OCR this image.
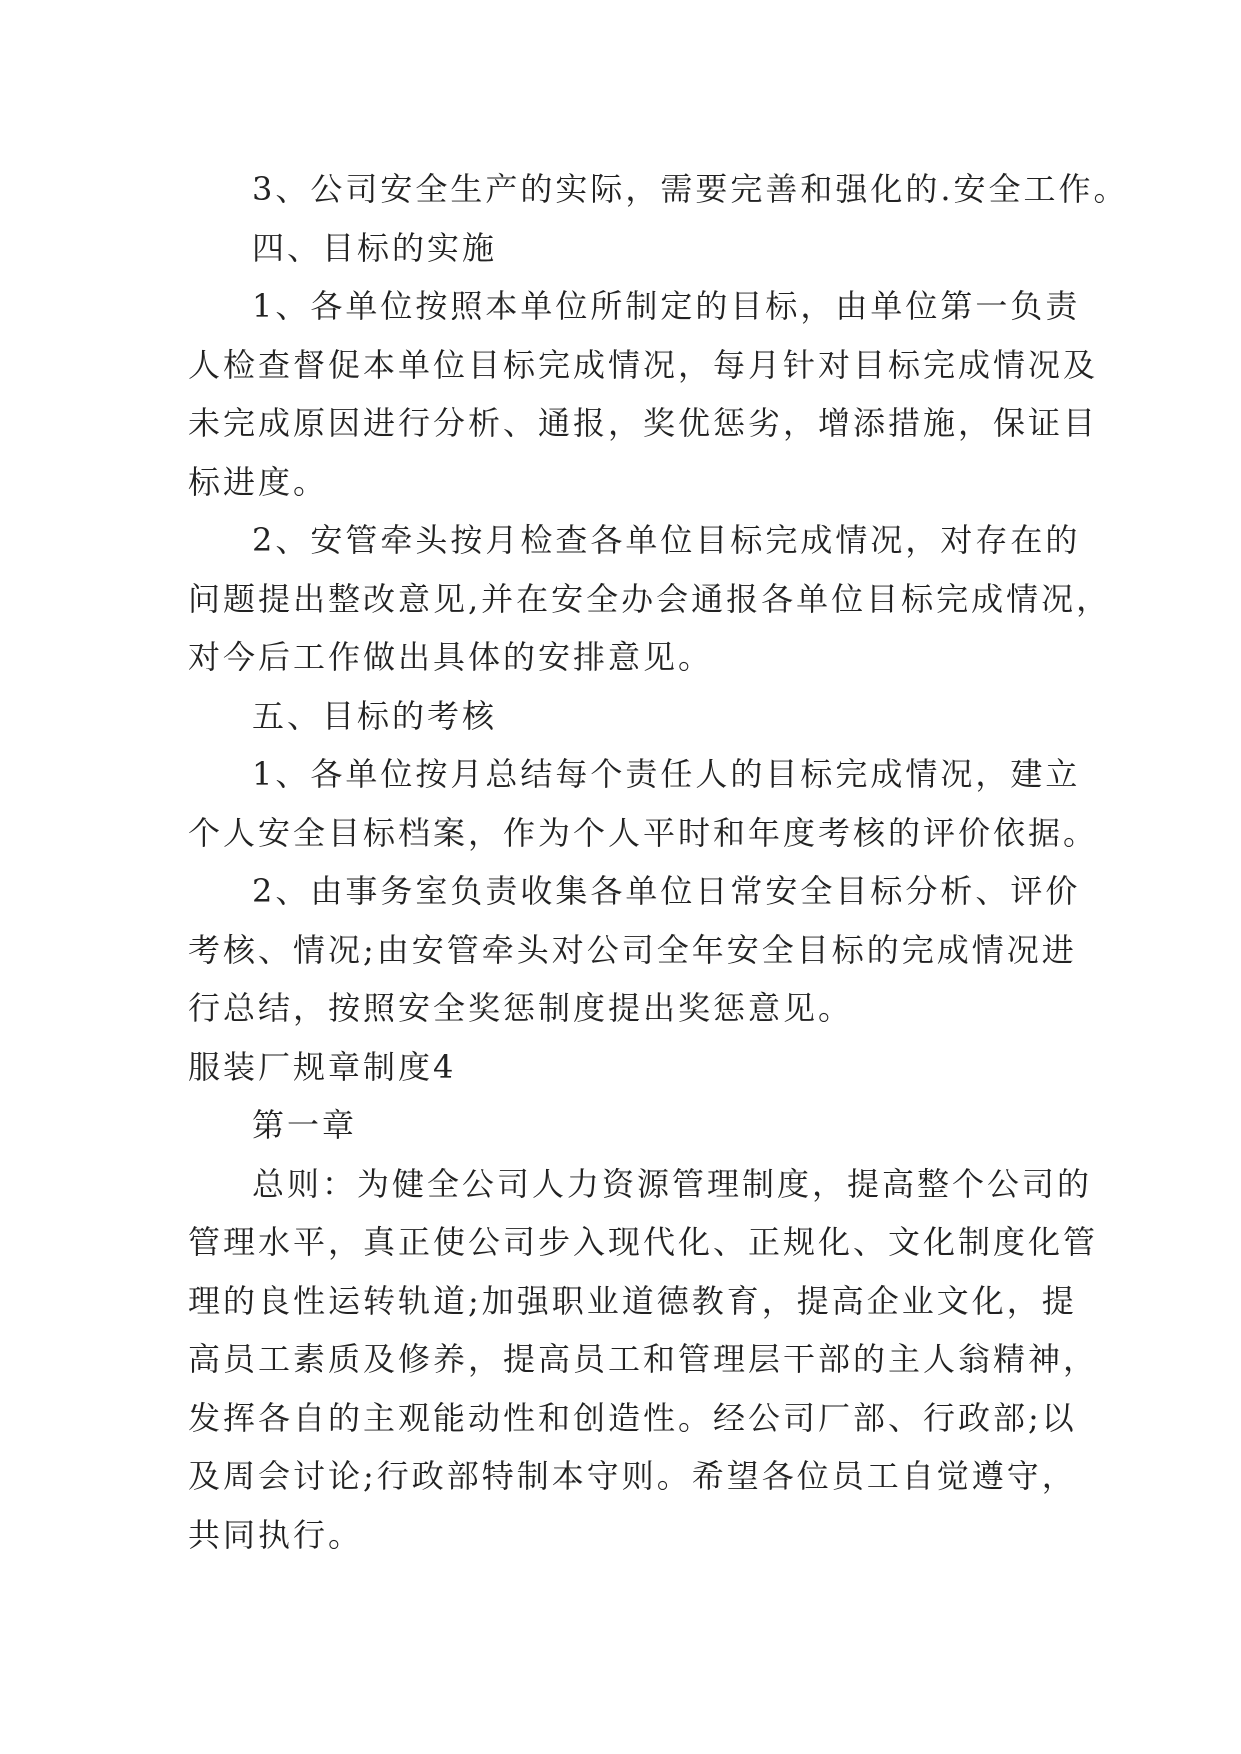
3、公司安全生产的实际，需要完善和强化的.安全工作。
四、目标的实施
1、各单位按照本单位所制定的目标，由单位第一负责
人检查督促本单位目标完成情况，每月针对目标完成情况及
未完成原因进行分析、通报，奖优惩劣，增添措施，保证目
标进度。
2、安管牵头按月检查各单位目标完成情况，对存在的
问题提出整改意见,并在安全办会通报各单位目标完成情况，
对今后工作做出具体的安排意见。
五、目标的考核
1、各单位按月总结每个责任人的目标完成情况，建立
个人安全目标档案，作为个人平时和年度考核的评价依据。
2、由事务室负责收集各单位日常安全目标分析、评价
考核、情况;由安管牵头对公司全年安全目标的完成情况进
行总结，按照安全奖惩制度提出奖惩意见。
服装厂规章制度4
第一章
总则：为健全公司人力资源管理制度，提高整个公司的
管理水平，真正使公司步入现代化、正规化、文化制度化管
理的良性运转轨道;加强职业道德教育，提高企业文化，提
高员工素质及修养，提高员工和管理层干部的主人翁精神，
发挥各自的主观能动性和创造性。经公司厂部、行政部;以
及周会讨论;行政部特制本守则。希望各位员工自觉遵守，
共同执行。
